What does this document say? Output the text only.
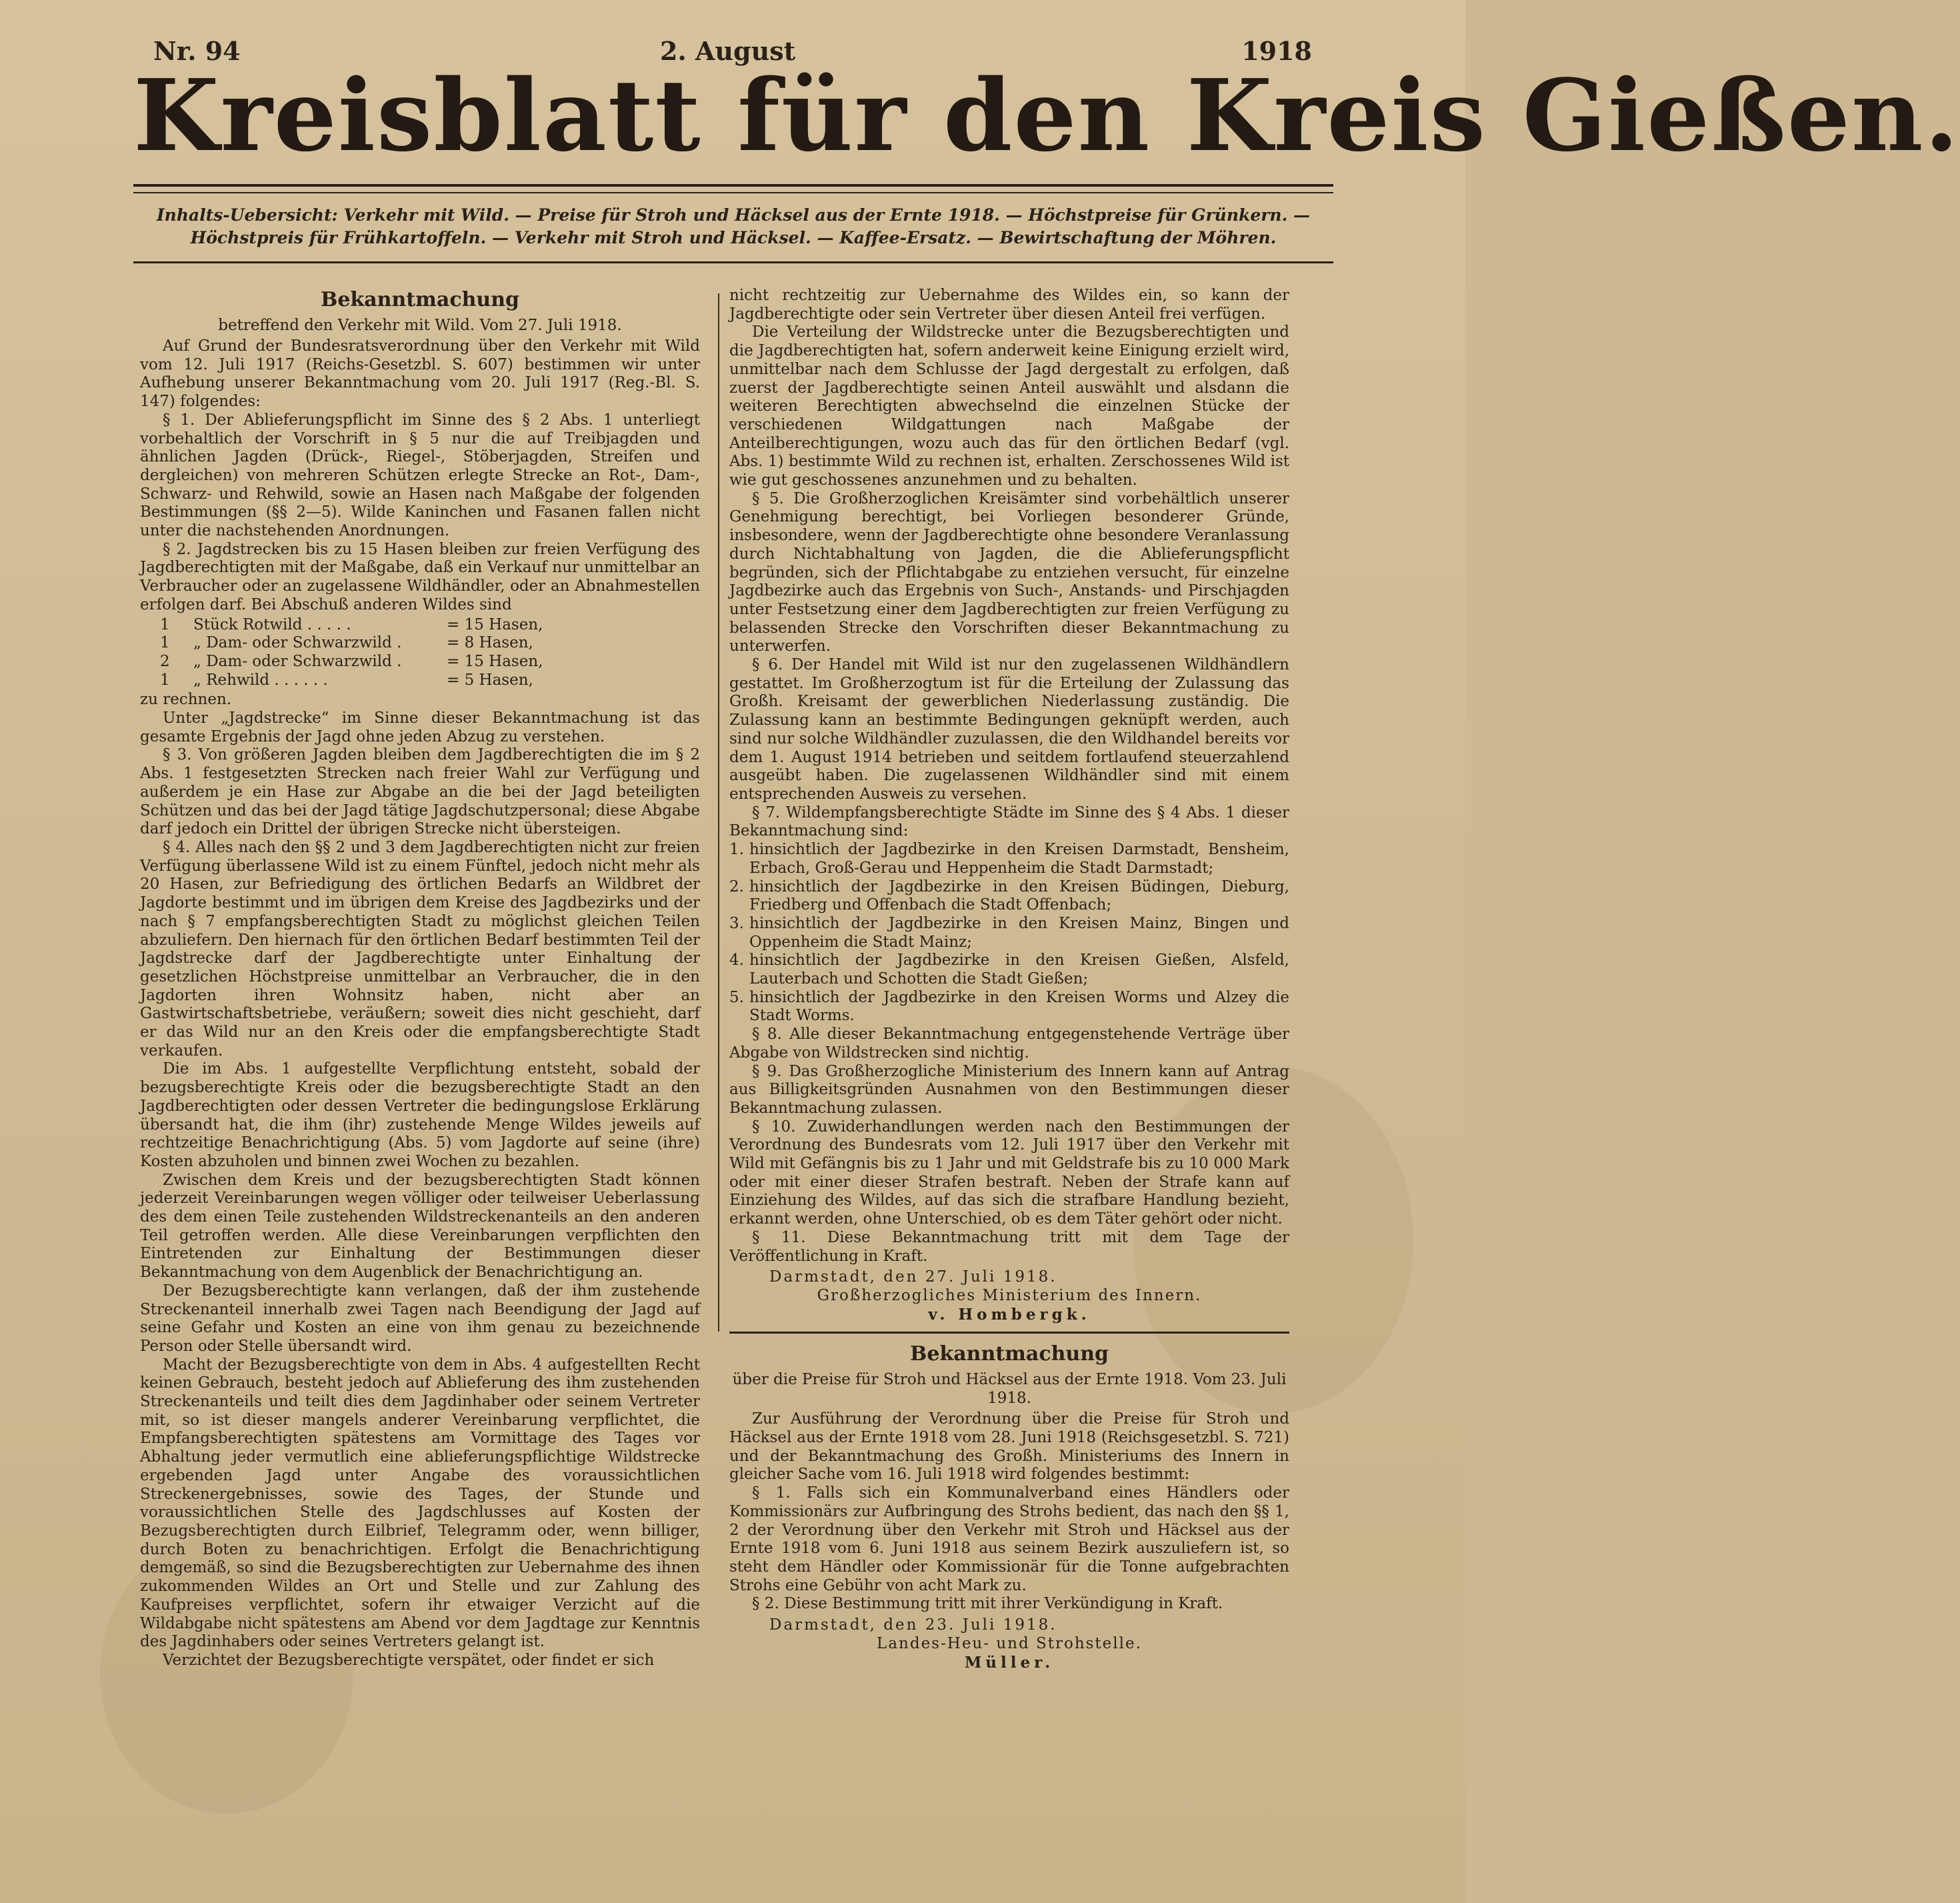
Nr. 94	2. August	1918
Kreisblatt für den Kreis Gießen.
Inhalts-Uebersicht: Verkehr mit Wild. — Preise für Stroh und Häcksel aus der Ernte 1918. — Höchstpreise für Grünkern. — Höchstpreis für Frühkartoffeln. — Verkehr mit Stroh und Häcksel. — Kaffee-Ersatz. — Bewirtschaftung der Möhren.
Bekanntmachung
betreffend den Verkehr mit Wild. Vom 27. Juli 1918.

Auf Grund der Bundesratsverordnung über den Verkehr mit Wild vom 12. Juli 1917 (Reichs-Gesetzbl. S. 607) bestimmen wir unter Aufhebung unserer Bekanntmachung vom 20. Juli 1917 (Reg.-Bl. S. 147) folgendes:

§ 1. Der Ablieferungspflicht im Sinne des § 2 Abs. 1 unterliegt vorbehaltlich der Vorschrift in § 5 nur die auf Treibjagden und ähnlichen Jagden (Drück-, Riegel-, Stöberjagden, Streifen und dergleichen) von mehreren Schützen erlegte Strecke an Rot-, Dam-, Schwarz- und Rehwild, sowie an Hasen nach Maßgabe der folgenden Bestimmungen (§§ 2—5). Wilde Kaninchen und Fasanen fallen nicht unter die nachstehenden Anordnungen.

§ 2. Jagdstrecken bis zu 15 Hasen bleiben zur freien Verfügung des Jagdberechtigten mit der Maßgabe, daß ein Verkauf nur unmittelbar an Verbraucher oder an zugelassene Wildhändler, oder an Abnahmestellen erfolgen darf. Bei Abschuß anderen Wildes sind

1	Stück Rotwild . . . . .	= 15 Hasen,
1	„ Dam- oder Schwarzwild .	= 8 Hasen,
2	„ Dam- oder Schwarzwild .	= 15 Hasen,
1	„ Rehwild . . . . . .	= 5 Hasen,

zu rechnen.

Unter „Jagdstrecke“ im Sinne dieser Bekanntmachung ist das gesamte Ergebnis der Jagd ohne jeden Abzug zu verstehen.

§ 3. Von größeren Jagden bleiben dem Jagdberechtigten die im § 2 Abs. 1 festgesetzten Strecken nach freier Wahl zur Verfügung und außerdem je ein Hase zur Abgabe an die bei der Jagd beteiligten Schützen und das bei der Jagd tätige Jagdschutzpersonal; diese Abgabe darf jedoch ein Drittel der übrigen Strecke nicht übersteigen.

§ 4. Alles nach den §§ 2 und 3 dem Jagdberechtigten nicht zur freien Verfügung überlassene Wild ist zu einem Fünftel, jedoch nicht mehr als 20 Hasen, zur Befriedigung des örtlichen Bedarfs an Wildbret der Jagdorte bestimmt und im übrigen dem Kreise des Jagdbezirks und der nach § 7 empfangsberechtigten Stadt zu möglichst gleichen Teilen abzuliefern. Den hiernach für den örtlichen Bedarf bestimmten Teil der Jagdstrecke darf der Jagdberechtigte unter Einhaltung der gesetzlichen Höchstpreise unmittelbar an Verbraucher, die in den Jagdorten ihren Wohnsitz haben, nicht aber an Gastwirtschaftsbetriebe, veräußern; soweit dies nicht geschieht, darf er das Wild nur an den Kreis oder die empfangsberechtigte Stadt verkaufen.

Die im Abs. 1 aufgestellte Verpflichtung entsteht, sobald der bezugsberechtigte Kreis oder die bezugsberechtigte Stadt an den Jagdberechtigten oder dessen Vertreter die bedingungslose Erklärung übersandt hat, die ihm (ihr) zustehende Menge Wildes jeweils auf rechtzeitige Benachrichtigung (Abs. 5) vom Jagdorte auf seine (ihre) Kosten abzuholen und binnen zwei Wochen zu bezahlen.

Zwischen dem Kreis und der bezugsberechtigten Stadt können jederzeit Vereinbarungen wegen völliger oder teilweiser Ueberlassung des dem einen Teile zustehenden Wildstreckenanteils an den anderen Teil getroffen werden. Alle diese Vereinbarungen verpflichten den Eintretenden zur Einhaltung der Bestimmungen dieser Bekanntmachung von dem Augenblick der Benachrichtigung an.

Der Bezugsberechtigte kann verlangen, daß der ihm zustehende Streckenanteil innerhalb zwei Tagen nach Beendigung der Jagd auf seine Gefahr und Kosten an eine von ihm genau zu bezeichnende Person oder Stelle übersandt wird.

Macht der Bezugsberechtigte von dem in Abs. 4 aufgestellten Recht keinen Gebrauch, besteht jedoch auf Ablieferung des ihm zustehenden Streckenanteils und teilt dies dem Jagdinhaber oder seinem Vertreter mit, so ist dieser mangels anderer Vereinbarung verpflichtet, die Empfangsberechtigten spätestens am Vormittage des Tages vor Abhaltung jeder vermutlich eine ablieferungspflichtige Wildstrecke ergebenden Jagd unter Angabe des voraussichtlichen Streckenergebnisses, sowie des Tages, der Stunde und voraussichtlichen Stelle des Jagdschlusses auf Kosten der Bezugsberechtigten durch Eilbrief, Telegramm oder, wenn billiger, durch Boten zu benachrichtigen. Erfolgt die Benachrichtigung demgemäß, so sind die Bezugsberechtigten zur Uebernahme des ihnen zukommenden Wildes an Ort und Stelle und zur Zahlung des Kaufpreises verpflichtet, sofern ihr etwaiger Verzicht auf die Wildabgabe nicht spätestens am Abend vor dem Jagdtage zur Kenntnis des Jagdinhabers oder seines Vertreters gelangt ist.

Verzichtet der Bezugsberechtigte verspätet, oder findet er sich

nicht rechtzeitig zur Uebernahme des Wildes ein, so kann der Jagdberechtigte oder sein Vertreter über diesen Anteil frei verfügen.

Die Verteilung der Wildstrecke unter die Bezugsberechtigten und die Jagdberechtigten hat, sofern anderweit keine Einigung erzielt wird, unmittelbar nach dem Schlusse der Jagd dergestalt zu erfolgen, daß zuerst der Jagdberechtigte seinen Anteil auswählt und alsdann die weiteren Berechtigten abwechselnd die einzelnen Stücke der verschiedenen Wildgattungen nach Maßgabe der Anteilberechtigungen, wozu auch das für den örtlichen Bedarf (vgl. Abs. 1) bestimmte Wild zu rechnen ist, erhalten. Zerschossenes Wild ist wie gut geschossenes anzunehmen und zu behalten.

§ 5. Die Großherzoglichen Kreisämter sind vorbehältlich unserer Genehmigung berechtigt, bei Vorliegen besonderer Gründe, insbesondere, wenn der Jagdberechtigte ohne besondere Veranlassung durch Nichtabhaltung von Jagden, die die Ablieferungspflicht begründen, sich der Pflichtabgabe zu entziehen versucht, für einzelne Jagdbezirke auch das Ergebnis von Such-, Anstands- und Pirschjagden unter Festsetzung einer dem Jagdberechtigten zur freien Verfügung zu belassenden Strecke den Vorschriften dieser Bekanntmachung zu unterwerfen.

§ 6. Der Handel mit Wild ist nur den zugelassenen Wildhändlern gestattet. Im Großherzogtum ist für die Erteilung der Zulassung das Großh. Kreisamt der gewerblichen Niederlassung zuständig. Die Zulassung kann an bestimmte Bedingungen geknüpft werden, auch sind nur solche Wildhändler zuzulassen, die den Wildhandel bereits vor dem 1. August 1914 betrieben und seitdem fortlaufend steuerzahlend ausgeübt haben. Die zugelassenen Wildhändler sind mit einem entsprechenden Ausweis zu versehen.

§ 7. Wildempfangsberechtigte Städte im Sinne des § 4 Abs. 1 dieser Bekanntmachung sind:

1. hinsichtlich der Jagdbezirke in den Kreisen Darmstadt, Bensheim, Erbach, Groß-Gerau und Heppenheim die Stadt Darmstadt;
2. hinsichtlich der Jagdbezirke in den Kreisen Büdingen, Dieburg, Friedberg und Offenbach die Stadt Offenbach;
3. hinsichtlich der Jagdbezirke in den Kreisen Mainz, Bingen und Oppenheim die Stadt Mainz;
4. hinsichtlich der Jagdbezirke in den Kreisen Gießen, Alsfeld, Lauterbach und Schotten die Stadt Gießen;
5. hinsichtlich der Jagdbezirke in den Kreisen Worms und Alzey die Stadt Worms.

§ 8. Alle dieser Bekanntmachung entgegenstehende Verträge über Abgabe von Wildstrecken sind nichtig.

§ 9. Das Großherzogliche Ministerium des Innern kann auf Antrag aus Billigkeitsgründen Ausnahmen von den Bestimmungen dieser Bekanntmachung zulassen.

§ 10. Zuwiderhandlungen werden nach den Bestimmungen der Verordnung des Bundesrats vom 12. Juli 1917 über den Verkehr mit Wild mit Gefängnis bis zu 1 Jahr und mit Geldstrafe bis zu 10 000 Mark oder mit einer dieser Strafen bestraft. Neben der Strafe kann auf Einziehung des Wildes, auf das sich die strafbare Handlung bezieht, erkannt werden, ohne Unterschied, ob es dem Täter gehört oder nicht.

§ 11. Diese Bekanntmachung tritt mit dem Tage der Veröffentlichung in Kraft.

Darmstadt, den 27. Juli 1918.
Großherzogliches Ministerium des Innern.
v. Hombergk.
Bekanntmachung
über die Preise für Stroh und Häcksel aus der Ernte 1918. Vom 23. Juli 1918.

Zur Ausführung der Verordnung über die Preise für Stroh und Häcksel aus der Ernte 1918 vom 28. Juni 1918 (Reichsgesetzbl. S. 721) und der Bekanntmachung des Großh. Ministeriums des Innern in gleicher Sache vom 16. Juli 1918 wird folgendes bestimmt:

§ 1. Falls sich ein Kommunalverband eines Händlers oder Kommissionärs zur Aufbringung des Strohs bedient, das nach den §§ 1, 2 der Verordnung über den Verkehr mit Stroh und Häcksel aus der Ernte 1918 vom 6. Juni 1918 aus seinem Bezirk auszuliefern ist, so steht dem Händler oder Kommissionär für die Tonne aufgebrachten Strohs eine Gebühr von acht Mark zu.

§ 2. Diese Bestimmung tritt mit ihrer Verkündigung in Kraft.

Darmstadt, den 23. Juli 1918.
Landes-Heu- und Strohstelle.
Müller.
